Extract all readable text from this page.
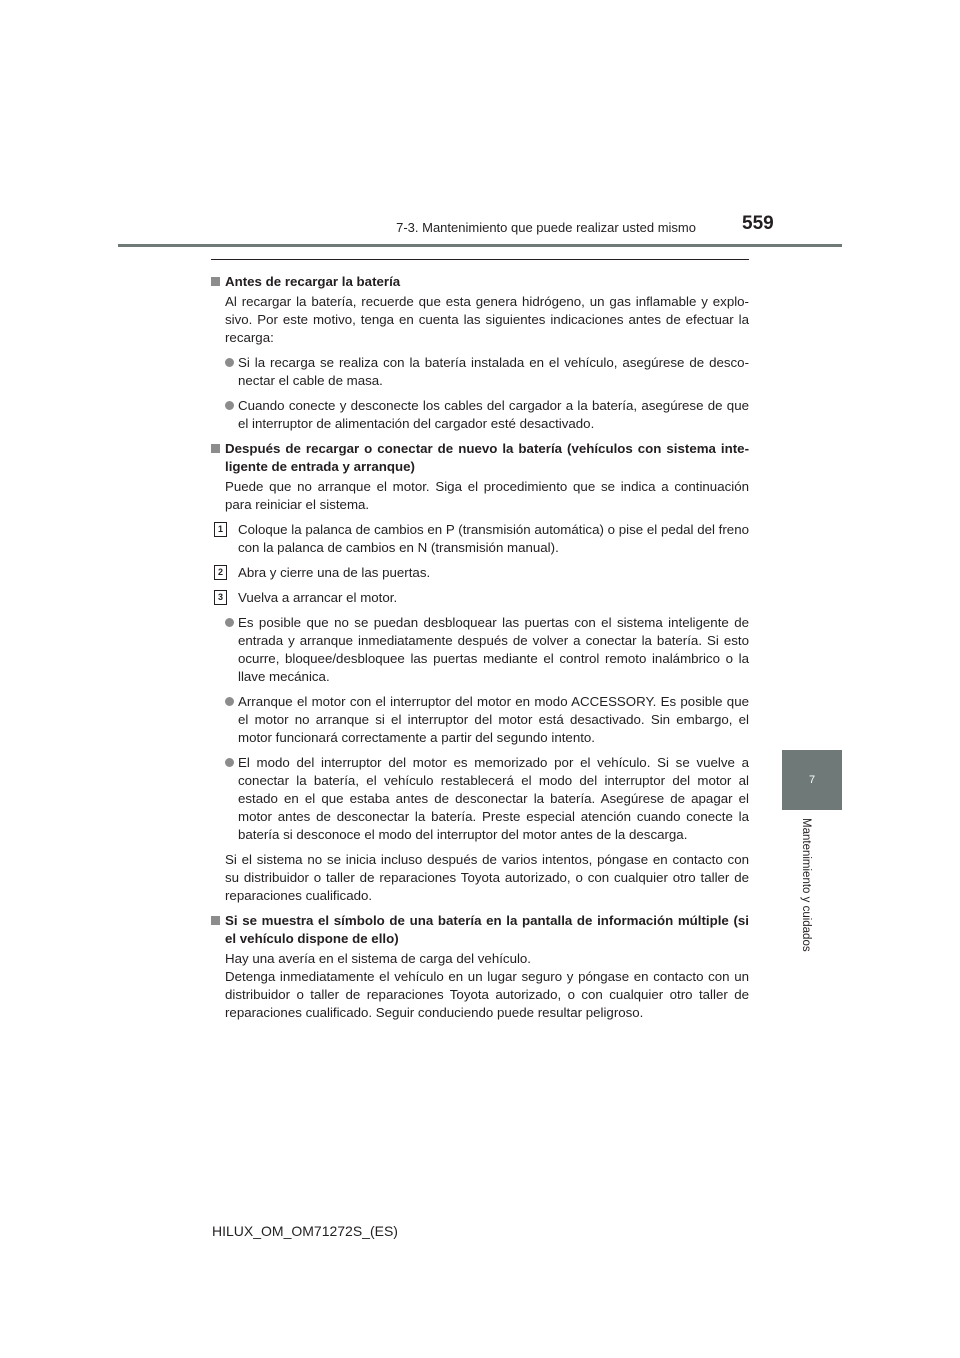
7-3. Mantenimiento que puede realizar usted mismo 559
7
Mantenimiento y cuidados

Antes de recargar la batería

Al recargar la batería, recuerde que esta genera hidrógeno, un gas inflamable y explo-sivo. Por este motivo, tenga en cuenta las siguientes indicaciones antes de efectuar la recarga:

Si la recarga se realiza con la batería instalada en el vehículo, asegúrese de desco-nectar el cable de masa.

Cuando conecte y desconecte los cables del cargador a la batería, asegúrese de que el interruptor de alimentación del cargador esté desactivado.

Después de recargar o conectar de nuevo la batería (vehículos con sistema inte-ligente de entrada y arranque)

Puede que no arranque el motor. Siga el procedimiento que se indica a continuación para reiniciar el sistema.

1	Coloque la palanca de cambios en P (transmisión automática) o pise el pedal del freno con la palanca de cambios en N (transmisión manual).

2	Abra y cierre una de las puertas.

3	Vuelva a arrancar el motor.

Es posible que no se puedan desbloquear las puertas con el sistema inteligente de entrada y arranque inmediatamente después de volver a conectar la batería. Si esto ocurre, bloquee/desbloquee las puertas mediante el control remoto inalámbrico o la llave mecánica.

Arranque el motor con el interruptor del motor en modo ACCESSORY. Es posible que el motor no arranque si el interruptor del motor está desactivado. Sin embargo, el motor funcionará correctamente a partir del segundo intento.

El modo del interruptor del motor es memorizado por el vehículo. Si se vuelve a conectar la batería, el vehículo restablecerá el modo del interruptor del motor al estado en el que estaba antes de desconectar la batería. Asegúrese de apagar el motor antes de desconectar la batería. Preste especial atención cuando conecte la batería si desconoce el modo del interruptor del motor antes de la descarga.

Si el sistema no se inicia incluso después de varios intentos, póngase en contacto con su distribuidor o taller de reparaciones Toyota autorizado, o con cualquier otro taller de reparaciones cualificado.

Si se muestra el símbolo de una batería en la pantalla de información múltiple (si el vehículo dispone de ello)

Hay una avería en el sistema de carga del vehículo.

Detenga inmediatamente el vehículo en un lugar seguro y póngase en contacto con un distribuidor o taller de reparaciones Toyota autorizado, o con cualquier otro taller de reparaciones cualificado. Seguir conduciendo puede resultar peligroso.

HILUX_OM_OM71272S_(ES)
